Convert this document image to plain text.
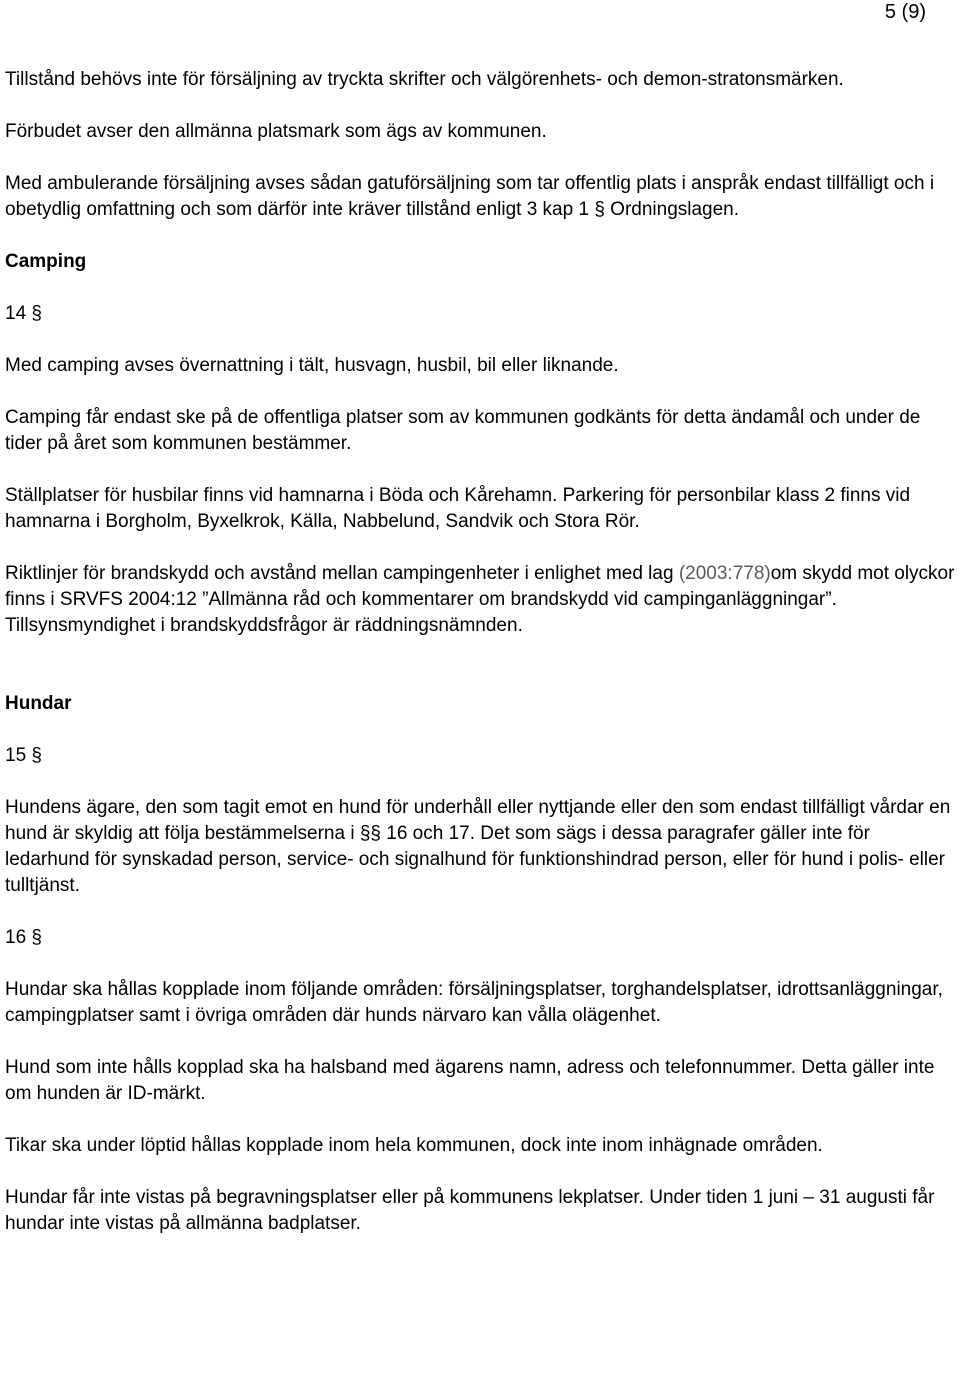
5 (9)

Tillstånd behövs inte för försäljning av tryckta skrifter och välgörenhets- och demon-stratonsmärken.

Förbudet avser den allmänna platsmark som ägs av kommunen.

Med ambulerande försäljning avses sådan gatuförsäljning som tar offentlig plats i anspråk endast tillfälligt och i obetydlig omfattning och som därför inte kräver tillstånd enligt 3 kap 1 § Ordningslagen.

Camping

14 §

Med camping avses övernattning i tält, husvagn, husbil, bil eller liknande.

Camping får endast ske på de offentliga platser som av kommunen godkänts för detta ändamål och under de tider på året som kommunen bestämmer.

Ställplatser för husbilar finns vid hamnarna i Böda och Kårehamn. Parkering för personbilar klass 2 finns vid hamnarna i Borgholm, Byxelkrok, Källa, Nabbelund, Sandvik och Stora Rör.

Riktlinjer för brandskydd och avstånd mellan campingenheter i enlighet med lag (2003:778)om skydd mot olyckor finns i SRVFS 2004:12 ”Allmänna råd och kommentarer om brandskydd vid campinganläggningar”. Tillsynsmyndighet i brandskyddsfrågor är räddningsnämnden.

Hundar

15 §

Hundens ägare, den som tagit emot en hund för underhåll eller nyttjande eller den som endast tillfälligt vårdar en hund är skyldig att följa bestämmelserna i §§ 16 och 17. Det som sägs i dessa paragrafer gäller inte för ledarhund för synskadad person, service- och signalhund för funktionshindrad person, eller för hund i polis- eller tulltjänst.

16 §

Hundar ska hållas kopplade inom följande områden: försäljningsplatser, torghandelsplatser, idrottsanläggningar, campingplatser samt i övriga områden där hunds närvaro kan vålla olägenhet.

Hund som inte hålls kopplad ska ha halsband med ägarens namn, adress och telefonnummer. Detta gäller inte om hunden är ID-märkt.

Tikar ska under löptid hållas kopplade inom hela kommunen, dock inte inom inhägnade områden.

Hundar får inte vistas på begravningsplatser eller på kommunens lekplatser. Under tiden 1 juni – 31 augusti får hundar inte vistas på allmänna badplatser.
